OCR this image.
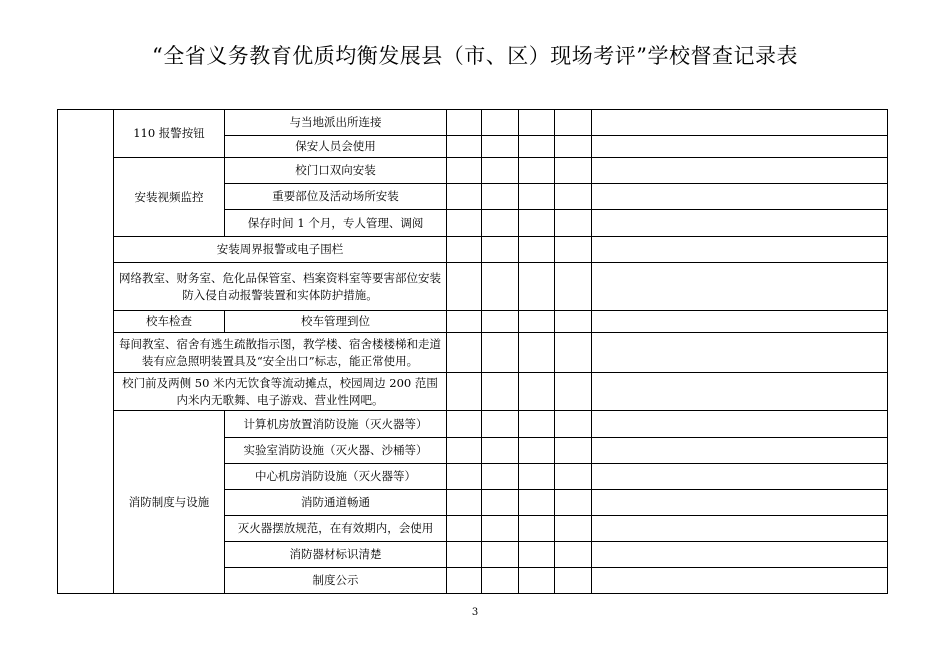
“全省义务教育优质均衡发展县（市、区）现场考评”学校督查记录表
	110 报警按钮	与当地派出所连接					
		保安人员会使用					
	安装视频监控	校门口双向安装					
		重要部位及活动场所安装					
		保存时间 1 个月，专人管理、调阅					
	安装周界报警或电子围栏						
	网络教室、财务室、危化品保管室、档案资料室等要害部位安装防入侵自动报警装置和实体防护措施。						
	校车检查	校车管理到位					
	每间教室、宿舍有逃生疏散指示图，教学楼、宿舍楼楼梯和走道装有应急照明装置具及“安全出口”标志，能正常使用。						
	校门前及两侧 50 米内无饮食等流动摊点，校园周边 200 范围内米内无歌舞、电子游戏、营业性网吧。						
	消防制度与设施	计算机房放置消防设施（灭火器等）					
		实验室消防设施（灭火器、沙桶等）					
		中心机房消防设施（灭火器等）					
		消防通道畅通					
		灭火器摆放规范，在有效期内，会使用					
		消防器材标识清楚					
		制度公示					
3
